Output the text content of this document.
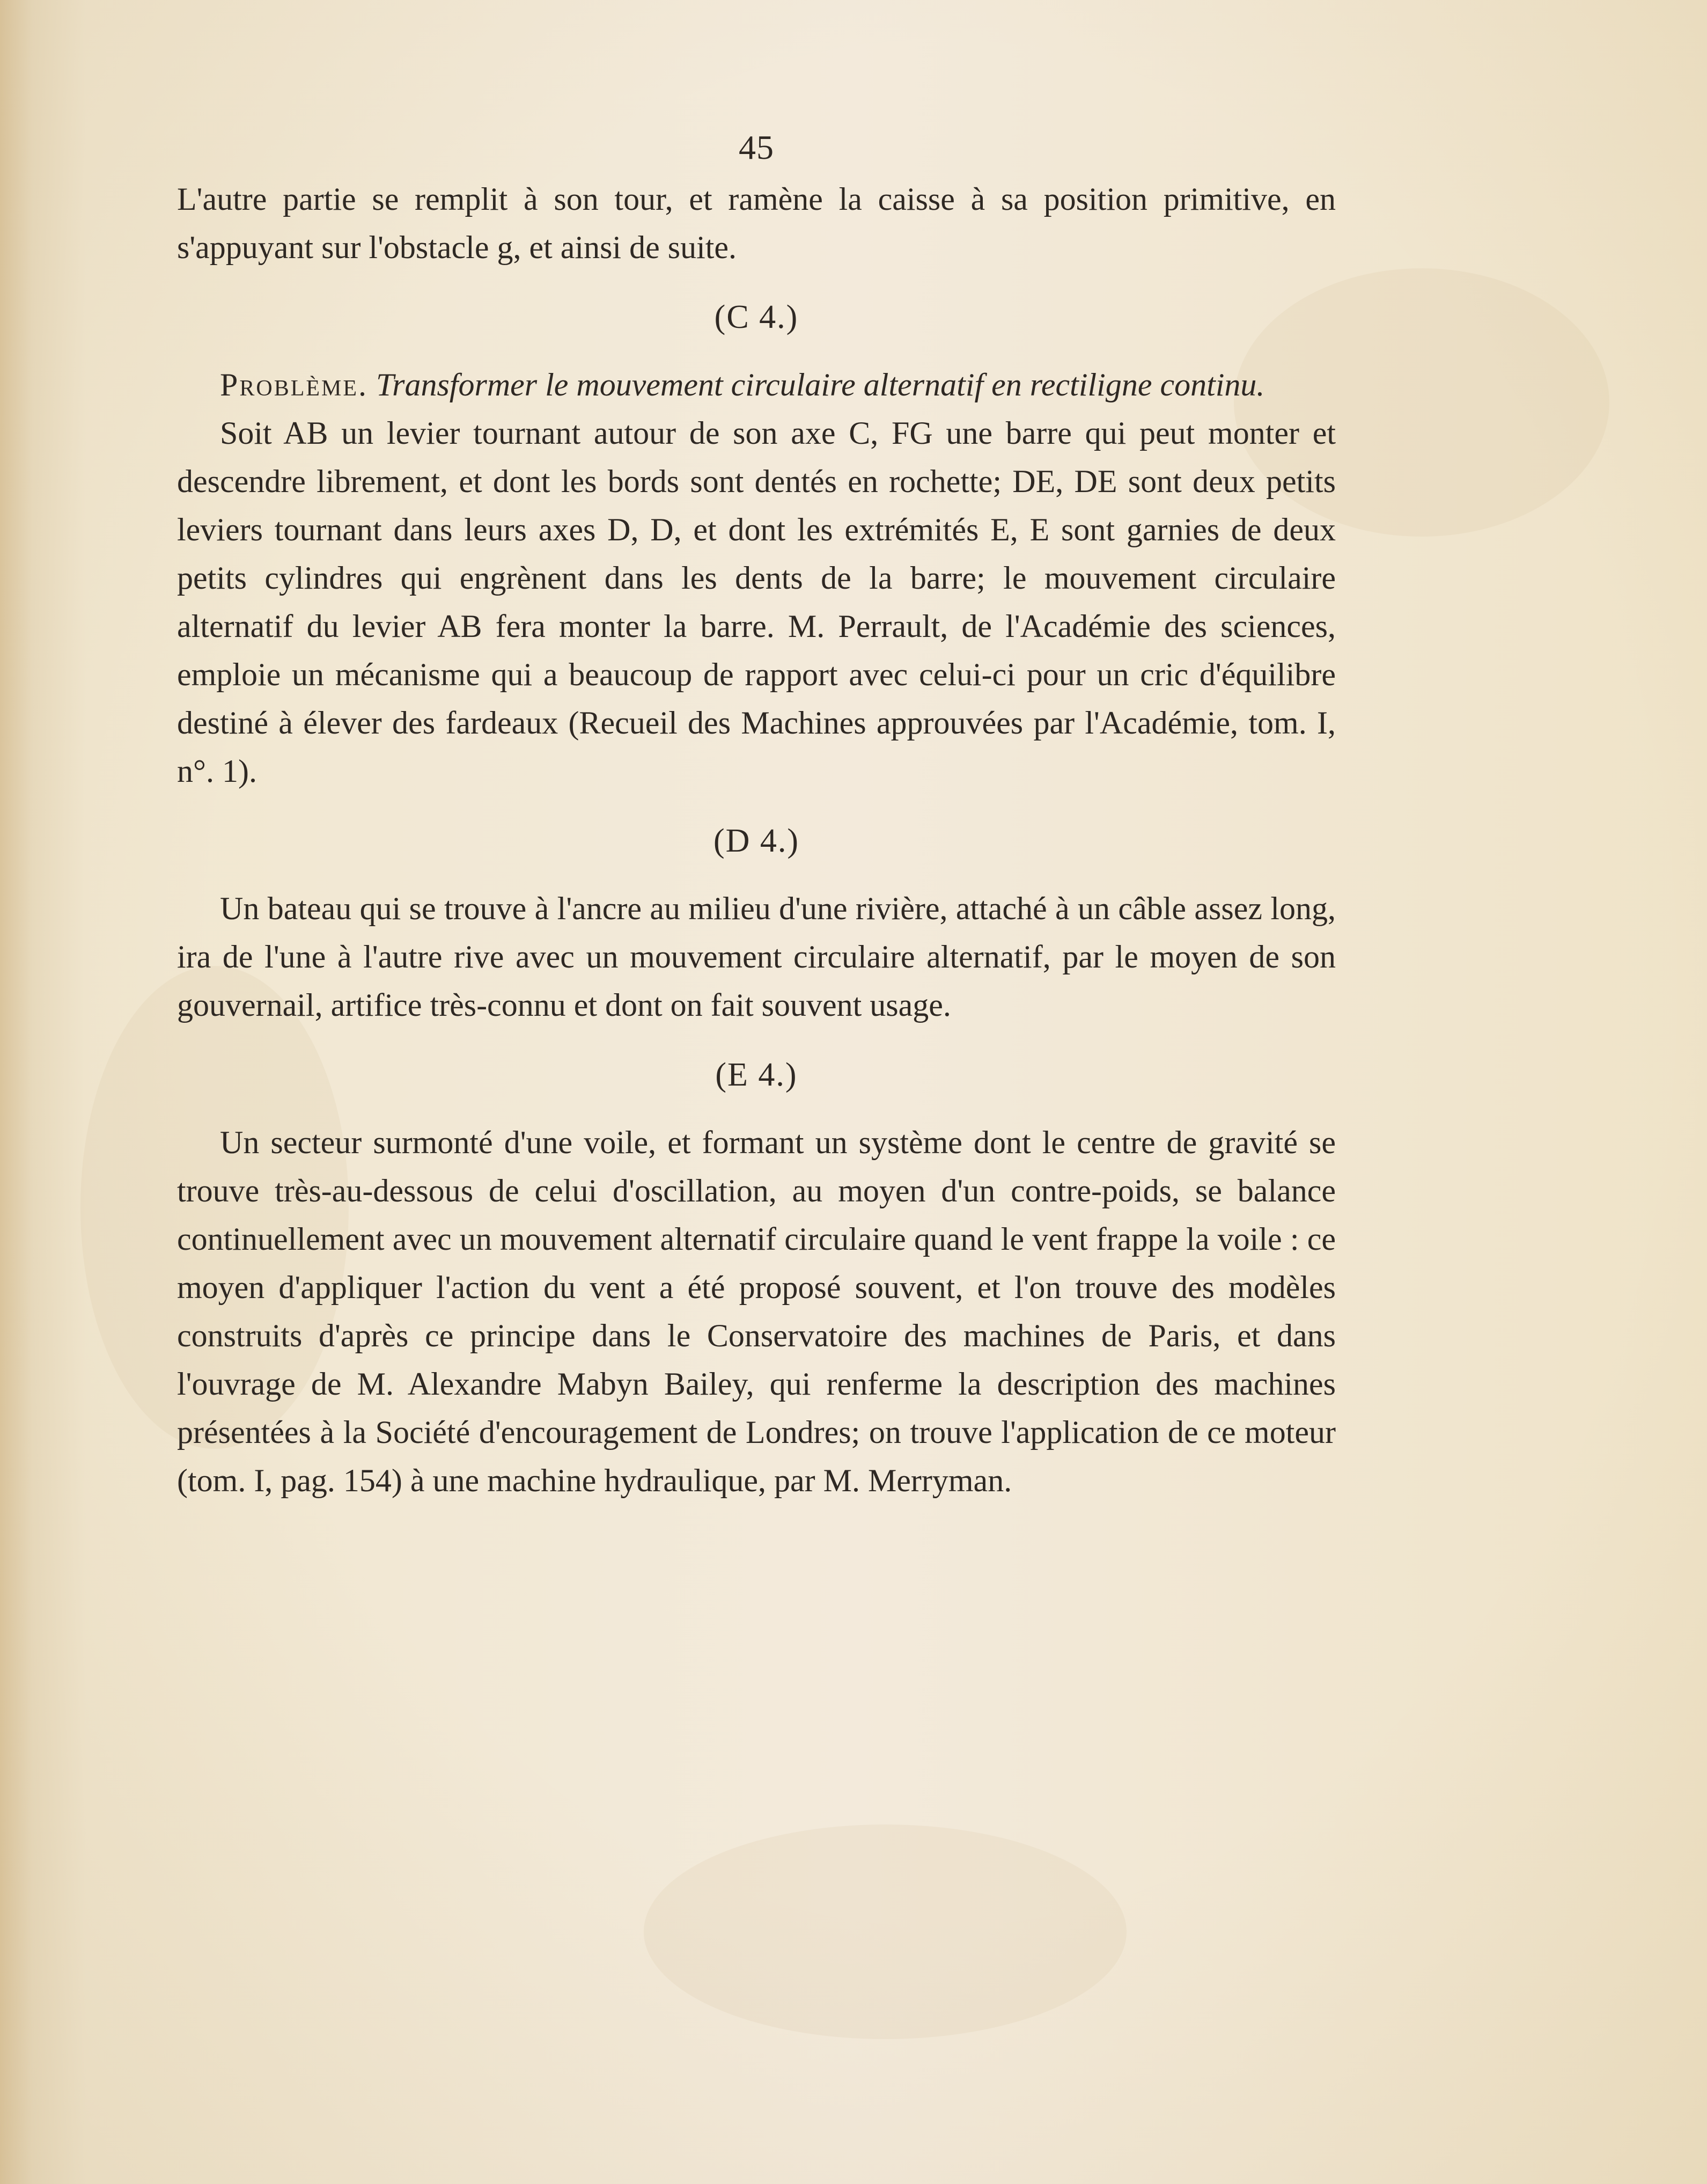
45

L'autre partie se remplit à son tour, et ramène la caisse à sa position primitive, en s'appuyant sur l'obstacle g, et ainsi de suite.

(C 4.)

Problème. Transformer le mouvement circulaire alternatif en rectiligne continu.

Soit AB un levier tournant autour de son axe C, FG une barre qui peut monter et descendre librement, et dont les bords sont dentés en rochette; DE, DE sont deux petits leviers tournant dans leurs axes D, D, et dont les extrémités E, E sont garnies de deux petits cylindres qui engrènent dans les dents de la barre; le mouvement circulaire alternatif du levier AB fera monter la barre. M. Perrault, de l'Académie des sciences, emploie un mécanisme qui a beaucoup de rapport avec celui-ci pour un cric d'équilibre destiné à élever des fardeaux (Recueil des Machines approuvées par l'Académie, tom. I, n°. 1).

(D 4.)

Un bateau qui se trouve à l'ancre au milieu d'une rivière, attaché à un câble assez long, ira de l'une à l'autre rive avec un mouvement circulaire alternatif, par le moyen de son gouvernail, artifice très-connu et dont on fait souvent usage.

(E 4.)

Un secteur surmonté d'une voile, et formant un système dont le centre de gravité se trouve très-au-dessous de celui d'oscillation, au moyen d'un contre-poids, se balance continuellement avec un mouvement alternatif circulaire quand le vent frappe la voile : ce moyen d'appliquer l'action du vent a été proposé souvent, et l'on trouve des modèles construits d'après ce principe dans le Conservatoire des machines de Paris, et dans l'ouvrage de M. Alexandre Mabyn Bailey, qui renferme la description des machines présentées à la Société d'encouragement de Londres; on trouve l'application de ce moteur (tom. I, pag. 154) à une machine hydraulique, par M. Merryman.
